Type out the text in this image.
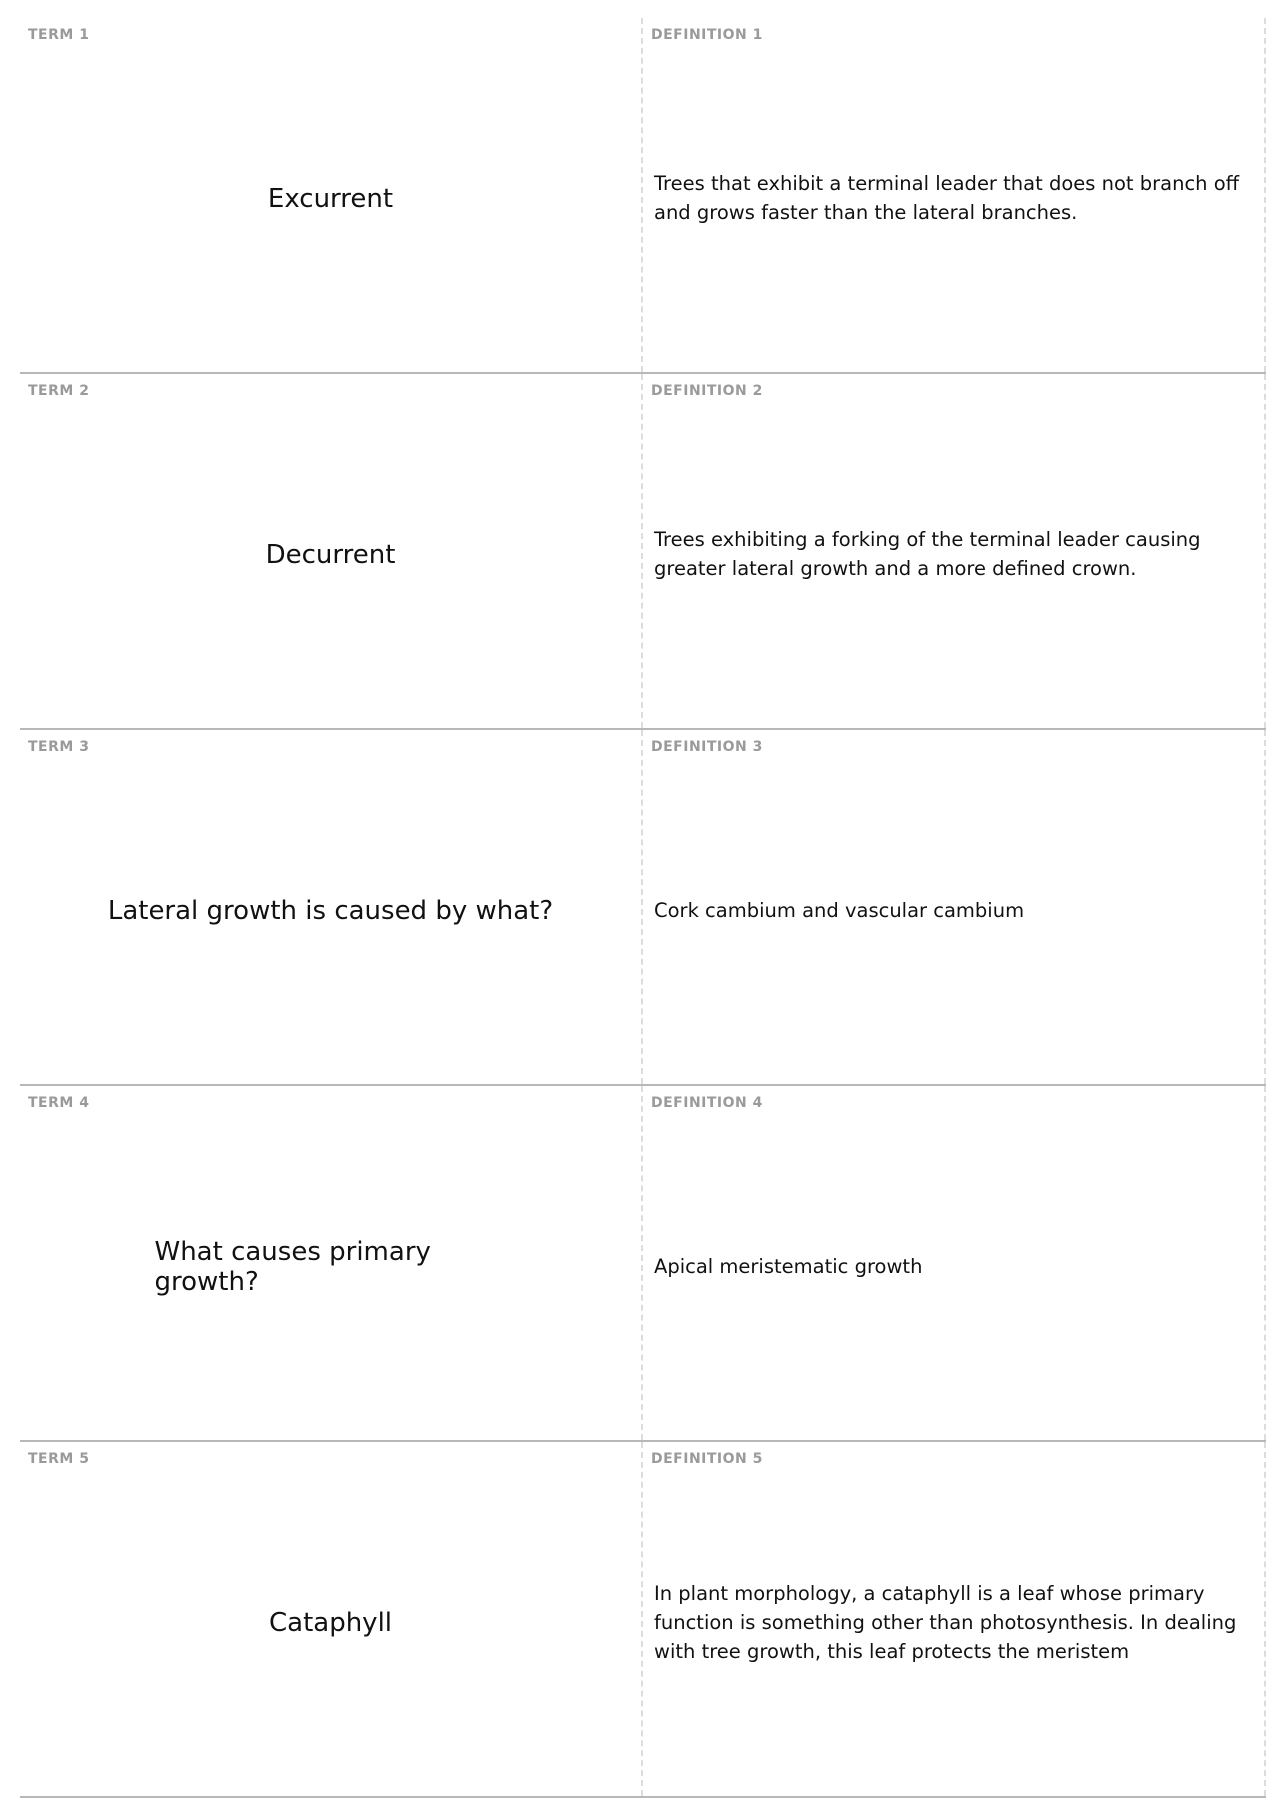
TERM 1
Excurrent
DEFINITION 1
Trees that exhibit a terminal leader that does not branch off and grows faster than the lateral branches.
TERM 2
Decurrent
DEFINITION 2
Trees exhibiting a forking of the terminal leader causing greater lateral growth and a more defined crown.
TERM 3
Lateral growth is caused by what?
DEFINITION 3
Cork cambium and vascular cambium
TERM 4
What causes primary growth?
DEFINITION 4
Apical meristematic growth
TERM 5
Cataphyll
DEFINITION 5
In plant morphology, a cataphyll is a leaf whose primary function is something other than photosynthesis. In dealing with tree growth, this leaf protects the meristem
